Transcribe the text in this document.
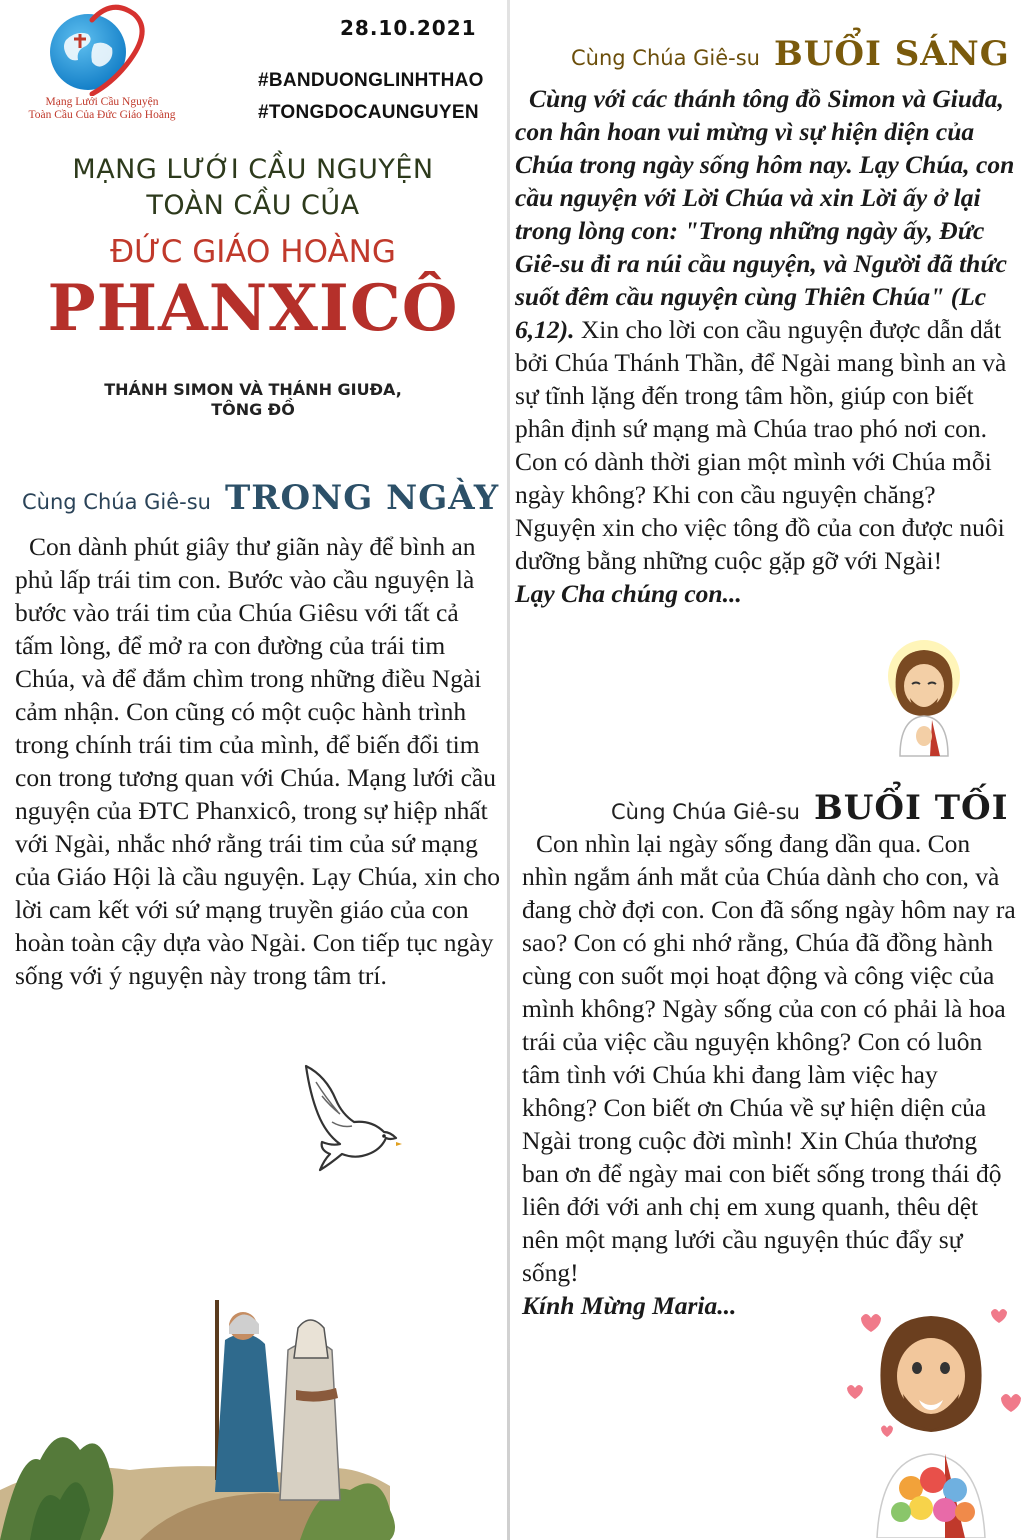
Mạng Lưới Cầu Nguyện
Toàn Cầu Của Đức Giáo Hoàng
28.10.2021
#BANDUONGLINHTHAO
#TONGDOCAUNGUYEN
MẠNG LƯỚI CẦU NGUYỆN
TOÀN CẦU CỦA
ĐỨC GIÁO HOÀNG
PHANXICÔ
THÁNH SIMON VÀ THÁNH GIUĐA,
TÔNG ĐỒ
Cùng Chúa Giê-su TRONG NGÀY
Con dành phút giây thư giãn này để bình an phủ lấp trái tim con. Bước vào cầu nguyện là bước vào trái tim của Chúa Giêsu với tất cả tấm lòng, để mở ra con đường của trái tim Chúa, và để đắm chìm trong những điều Ngài cảm nhận. Con cũng có một cuộc hành trình trong chính trái tim của mình, để biến đổi tim con trong tương quan với Chúa. Mạng lưới cầu nguyện của ĐTC Phanxicô, trong sự hiệp nhất với Ngài, nhắc nhớ rằng trái tim của sứ mạng của Giáo Hội là cầu nguyện. Lạy Chúa, xin cho lời cam kết với sứ mạng truyền giáo của con hoàn toàn cậy dựa vào Ngài. Con tiếp tục ngày sống với ý nguyện này trong tâm trí.
Cùng Chúa Giê-su BUỔI SÁNG
Cùng với các thánh tông đồ Simon và Giuđa, con hân hoan vui mừng vì sự hiện diện của Chúa trong ngày sống hôm nay. Lạy Chúa, con cầu nguyện với Lời Chúa và xin Lời ấy ở lại trong lòng con: "Trong những ngày ấy, Đức Giê-su đi ra núi cầu nguyện, và Người đã thức suốt đêm cầu nguyện cùng Thiên Chúa" (Lc 6,12). Xin cho lời con cầu nguyện được dẫn dắt bởi Chúa Thánh Thần, để Ngài mang bình an và sự tĩnh lặng đến trong tâm hồn, giúp con biết phân định sứ mạng mà Chúa trao phó nơi con. Con có dành thời gian một mình với Chúa mỗi ngày không? Khi con cầu nguyện chăng? Nguyện xin cho việc tông đồ của con được nuôi dưỡng bằng những cuộc gặp gỡ với Ngài!
Lạy Cha chúng con...
Cùng Chúa Giê-su BUỔI TỐI
Con nhìn lại ngày sống đang dần qua. Con nhìn ngắm ánh mắt của Chúa dành cho con, và đang chờ đợi con. Con đã sống ngày hôm nay ra sao? Con có ghi nhớ rằng, Chúa đã đồng hành cùng con suốt mọi hoạt động và công việc của mình không? Ngày sống của con có phải là hoa trái của việc cầu nguyện không? Con có luôn tâm tình với Chúa khi đang làm việc hay không? Con biết ơn Chúa về sự hiện diện của Ngài trong cuộc đời mình! Xin Chúa thương ban ơn để ngày mai con biết sống trong thái độ liên đới với anh chị em xung quanh, thêu dệt nên một mạng lưới cầu nguyện thúc đẩy sự sống!
Kính Mừng Maria...
